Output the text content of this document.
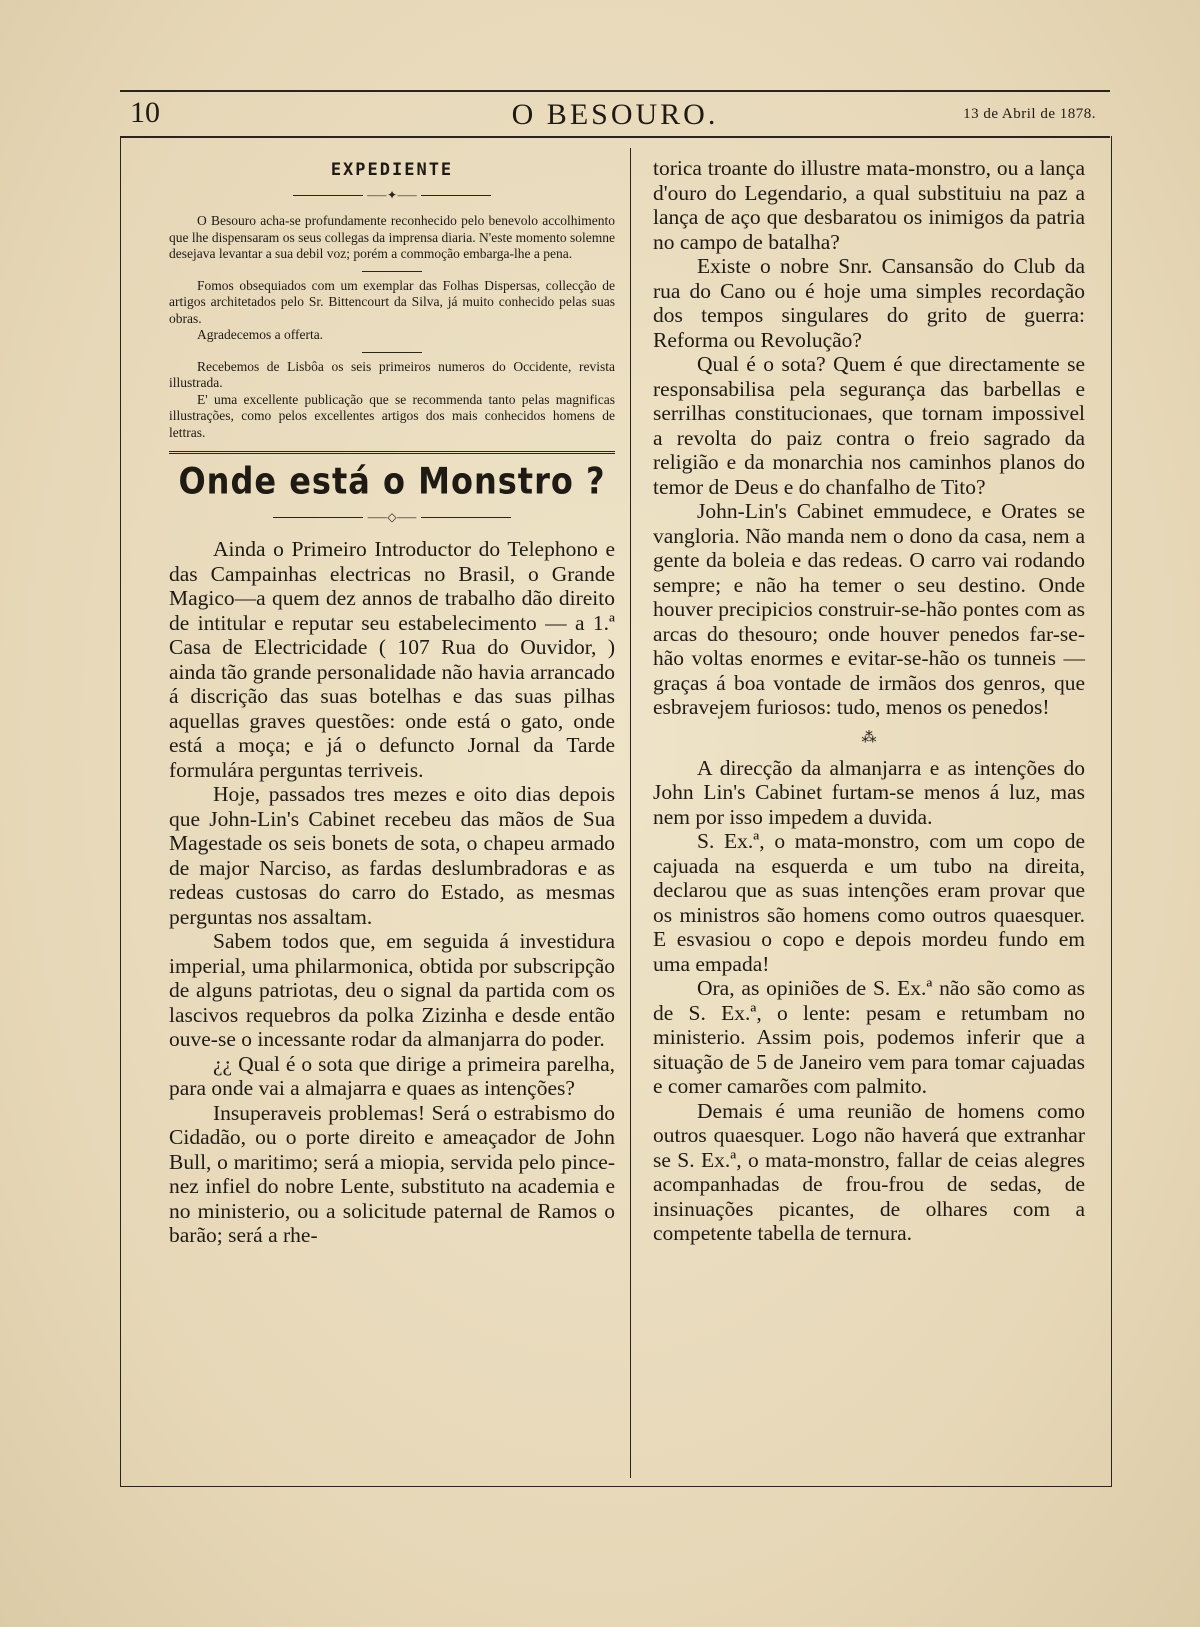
10	O BESOURO.	13 de Abril de 1878.
EXPEDIENTE
⸺✦⸺

O Besouro acha-se profundamente reconhecido pelo benevolo accolhimento que lhe dispensaram os seus collegas da imprensa diaria. N'este momento solemne desejava levantar a sua debil voz; porém a commoção embarga-lhe a pena.

Fomos obsequiados com um exemplar das Folhas Dispersas, collecção de artigos architetados pelo Sr. Bittencourt da Silva, já muito conhecido pelas suas obras.

Agradecemos a offerta.

Recebemos de Lisbôa os seis primeiros numeros do Occidente, revista illustrada.

E' uma excellente publicação que se recommenda tanto pelas magnificas illustrações, como pelos excellentes artigos dos mais conhecidos homens de lettras.

Onde está o Monstro ?
⸺◇⸺

Ainda o Primeiro Introductor do Telephono e das Campainhas electricas no Brasil, o Grande Magico—a quem dez annos de trabalho dão direito de intitular e reputar seu estabelecimento — a 1.ª Casa de Electricidade ( 107 Rua do Ouvidor, ) ainda tão grande personalidade não havia arrancado á discrição das suas botelhas e das suas pilhas aquellas graves questões: onde está o gato, onde está a moça; e já o defuncto Jornal da Tarde formulára perguntas terriveis.

Hoje, passados tres mezes e oito dias depois que John-Lin's Cabinet recebeu das mãos de Sua Magestade os seis bonets de sota, o chapeu armado de major Narciso, as fardas deslumbradoras e as redeas custosas do carro do Estado, as mesmas perguntas nos assaltam.

Sabem todos que, em seguida á investidura imperial, uma philarmonica, obtida por subscripção de alguns patriotas, deu o signal da partida com os lascivos requebros da polka Zizinha e desde então ouve-se o incessante rodar da almanjarra do poder.

¿¿ Qual é o sota que dirige a primeira parelha, para onde vai a almajarra e quaes as intenções?

Insuperaveis problemas! Será o estrabismo do Cidadão, ou o porte direito e ameaçador de John Bull, o maritimo; será a miopia, servida pelo pince-nez infiel do nobre Lente, substituto na academia e no ministerio, ou a solicitude paternal de Ramos o barão; será a rhe-

torica troante do illustre mata-monstro, ou a lança d'ouro do Legendario, a qual substituiu na paz a lança de aço que desbaratou os inimigos da patria no campo de batalha?

Existe o nobre Snr. Cansansão do Club da rua do Cano ou é hoje uma simples recordação dos tempos singulares do grito de guerra: Reforma ou Revolução?

Qual é o sota? Quem é que directamente se responsabilisa pela segurança das barbellas e serrilhas constitucionaes, que tornam impossivel a revolta do paiz contra o freio sagrado da religião e da monarchia nos caminhos planos do temor de Deus e do chanfalho de Tito?

John-Lin's Cabinet emmudece, e Orates se vangloria. Não manda nem o dono da casa, nem a gente da boleia e das redeas. O carro vai rodando sempre; e não ha temer o seu destino. Onde houver precipicios construir-se-hão pontes com as arcas do thesouro; onde houver penedos far-se-hão voltas enormes e evitar-se-hão os tunneis — graças á boa vontade de irmãos dos genros, que esbravejem furiosos: tudo, menos os penedos!

⁂

A direcção da almanjarra e as intenções do John Lin's Cabinet furtam-se menos á luz, mas nem por isso impedem a duvida.

S. Ex.ª, o mata-monstro, com um copo de cajuada na esquerda e um tubo na direita, declarou que as suas intenções eram provar que os ministros são homens como outros quaesquer. E esvasiou o copo e depois mordeu fundo em uma empada!

Ora, as opiniões de S. Ex.ª não são como as de S. Ex.ª, o lente: pesam e retumbam no ministerio. Assim pois, podemos inferir que a situação de 5 de Janeiro vem para tomar cajuadas e comer camarões com palmito.

Demais é uma reunião de homens como outros quaesquer. Logo não haverá que extranhar se S. Ex.ª, o mata-monstro, fallar de ceias alegres acompanhadas de frou-frou de sedas, de insinuações picantes, de olhares com a competente tabella de ternura.
